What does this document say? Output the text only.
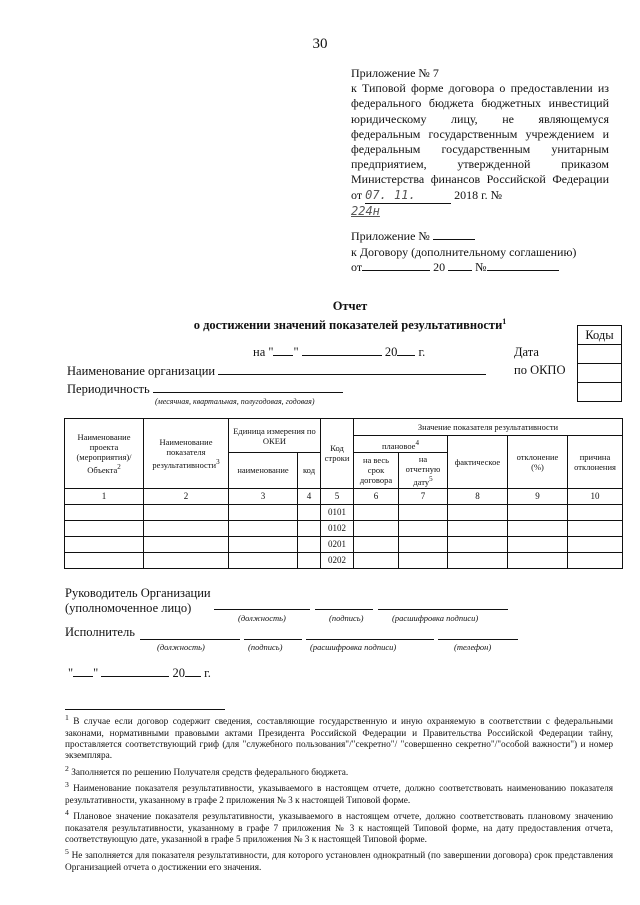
30
Приложение № 7
к Типовой форме договора о предоставлении из федерального бюджета бюджетных инвестиций юридическому лицу, не являющемуся федеральным государственным учреждением и федеральным государственным унитарным предприятием, утвержденной приказом Министерства финансов Российской Федерации от 07. 11.	2018 г. №
224н
Приложение №
к Договору (дополнительному соглашению)
от	20	№
Отчет
о достижении значений показателей результативности$^1$
Коды

на " "	20 г.	Дата
по ОКПО
Наименование организации
Периодичность
(месячная, квартальная, полугодовая, годовая)
Наименование проекта (мероприятия)/ Объекта$^2$	Наименование показателя результативности$^3$	Единица измерения по ОКЕИ		Код строки	Значение показателя результативности				
					плановое$^4$		фактическое	отклонение (%)	причина отклонения
		наименование	код		на весь срок договора	на отчетную дату$^5$
1	2	3	4	5	6	7	8	9	10
				0101					
				0102					
				0201					
				0202					
Руководитель Организации
(уполномоченное лицо)
(должность)	(подпись)	(расшифровка подписи)
Исполнитель
(должность)	(подпись)	(расшифровка подписи)	(телефон)
" "	20 г.

$^1$ В случае если договор содержит сведения, составляющие государственную и иную охраняемую в соответствии с федеральными законами, нормативными правовыми актами Президента Российской Федерации и Правительства Российской Федерации тайну, проставляется соответствующий гриф (для "служебного пользования"/"секретно"/ "совершенно секретно"/"особой важности") и номер экземпляра.

$^2$ Заполняется по решению Получателя средств федерального бюджета.

$^3$ Наименование показателя результативности, указываемого в настоящем отчете, должно соответствовать наименованию показателя результативности, указанному в графе 2 приложения № 3 к настоящей Типовой форме.

$^4$ Плановое значение показателя результативности, указываемого в настоящем отчете, должно соответствовать плановому значению показателя результативности, указанному в графе 7 приложения № 3 к настоящей Типовой форме, на дату предоставления отчета, соответствующую дате, указанной в графе 5 приложения № 3 к настоящей Типовой форме.

$^5$ Не заполняется для показателя результативности, для которого установлен однократный (по завершении договора) срок представления Организацией отчета о достижении его значения.
